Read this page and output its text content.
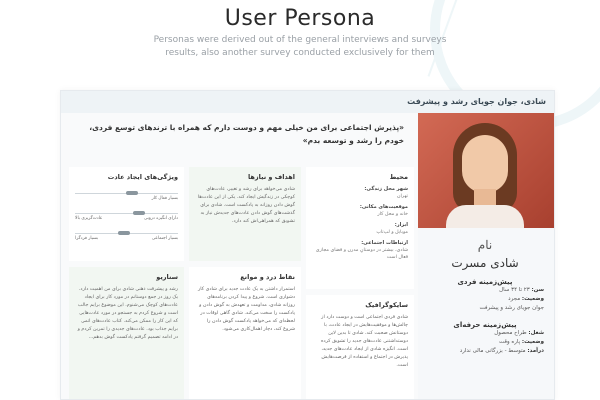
User Persona
Personas were derived out of the general interviews and surveys
results, also another survey conducted exclusively for them
شادی، جوان جویای رشد و پیشرفت
نام
شادی مسرت
پیش‌زمینه فردی
سن: ۲۳ تا ۳۴ سال
وضعیت: مجرد
جوان جویای رشد و پیشرفت
پیش‌زمینه حرفه‌ای
شغل: طراح محصول
وضعیت: پاره وقت
درآمد: متوسط - بزرگانی مالی ندارد
«پذیرش اجتماعی برای من خیلی مهم و دوست دارم که همراه با ترندهای توسع فردی،
خودم را رشد و توسعه بدم»
محیط
شهر محل زندگی:
تهران
موقعیت‌های مکانی:
خانه و محل کار
ابزار:
موبایل و لپ‌تاپ
ارتباطات اجتماعی:
شادی، بیشتر در دوستانِ مدرن و فضای مجازی فعال است
سایکوگرافیک

شادی فردی اجتماعی است و دوست دارد از چالش‌ها و موفقیت‌هایش در ایجاد عادت، با دوستانش صحبت کند. شادی تا بدین لاین دوستداشتنی عادت‌های جدید را تشویق کرده است. انگیزه شادی از ایجاد عادت‌های جدید، پذیرش در اجتماع و استفاده از فرصت‌هایش است.

اهداف و نیازها

شادی می‌خواهد برای رشد و تغییر، عادت‌های کوچکی در زندگیش ایجاد کند. یکی از این عادت‌ها گوش دادن روزانه به پادکست است. شادی برای گذشت‌های گوش دادن عادت‌های جدیدش نیاز به تشویق که همراهی‌اش کند دارد.

نقاط درد و موانع

استمرار داشتن به یک عادت جدید برای شادی کار دشواری است. شروع و پیدا کردن برنامه‌های روزانه شادی، مداومت و تعهدش به گوش دادن و پادکست را سخت می‌کند. شادی گاهی اوقات در لحظه‌ای که می‌خواهد پادکست گوش دادن را شروع کند، دچار اهمال‌کاری می‌شود.

ویژگی‌های ایجاد عادت
بسیار فعال کار
دارای انگیزه درونی
عادت‌گریزی بالا
بسیار اجتماعی
بسیار فردگرا
سناریو

رشد و پیشرفت ذهنی شادی برای من اهمیت دارد. یک روز در جمع دوستانم در مورد کار برای ایجاد عادت‌های کوچک می‌شنوم. این موضوع برایم جالب است و شروع کردم به جستجو در مورد عادت‌هایی که این کار را ممکن می‌کند. کتاب عادت‌های اتمی برایم جذاب بود. عادت‌های جدیدی را تمرین کردم و در ادامه تصمیم گرفتم پادکست گوش بدهم...
